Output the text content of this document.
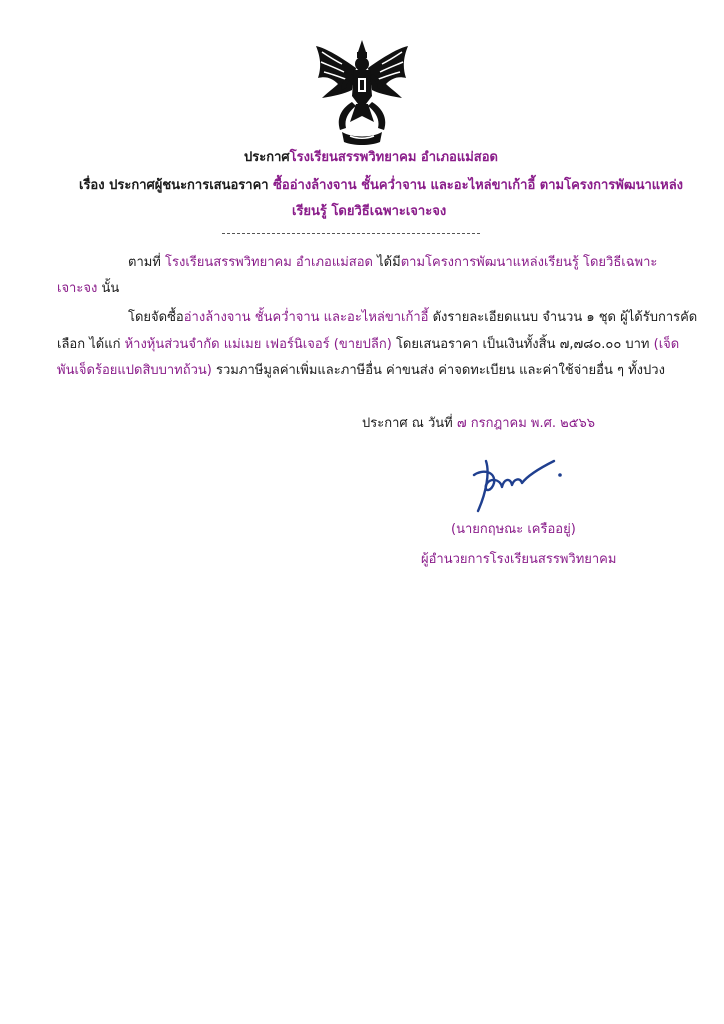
ประกาศโรงเรียนสรรพวิทยาคม อำเภอแม่สอด
เรื่อง ประกาศผู้ชนะการเสนอราคา ซื้ออ่างล้างจาน ชั้นคว่ำจาน และอะไหล่ขาเก้าอี้ ตามโครงการพัฒนาแหล่ง
เรียนรู้ โดยวิธีเฉพาะเจาะจง
ตามที่ โรงเรียนสรรพวิทยาคม อำเภอแม่สอด ได้มีตามโครงการพัฒนาแหล่งเรียนรู้ โดยวิธีเฉพาะ
เจาะจง นั้น
โดยจัดซื้ออ่างล้างจาน ชั้นคว่ำจาน และอะไหล่ขาเก้าอี้ ดังรายละเอียดแนบ จำนวน ๑ ชุด ผู้ได้รับการคัด
เลือก ได้แก่ ห้างหุ้นส่วนจำกัด แม่เมย เฟอร์นิเจอร์ (ขายปลีก) โดยเสนอราคา เป็นเงินทั้งสิ้น ๗,๗๘๐.๐๐ บาท (เจ็ด
พันเจ็ดร้อยแปดสิบบาทถ้วน) รวมภาษีมูลค่าเพิ่มและภาษีอื่น ค่าขนส่ง ค่าจดทะเบียน และค่าใช้จ่ายอื่น ๆ ทั้งปวง
ประกาศ ณ วันที่ ๗ กรกฎาคม พ.ศ. ๒๕๖๖
(นายกฤษณะ เครืออยู่)
ผู้อำนวยการโรงเรียนสรรพวิทยาคม
